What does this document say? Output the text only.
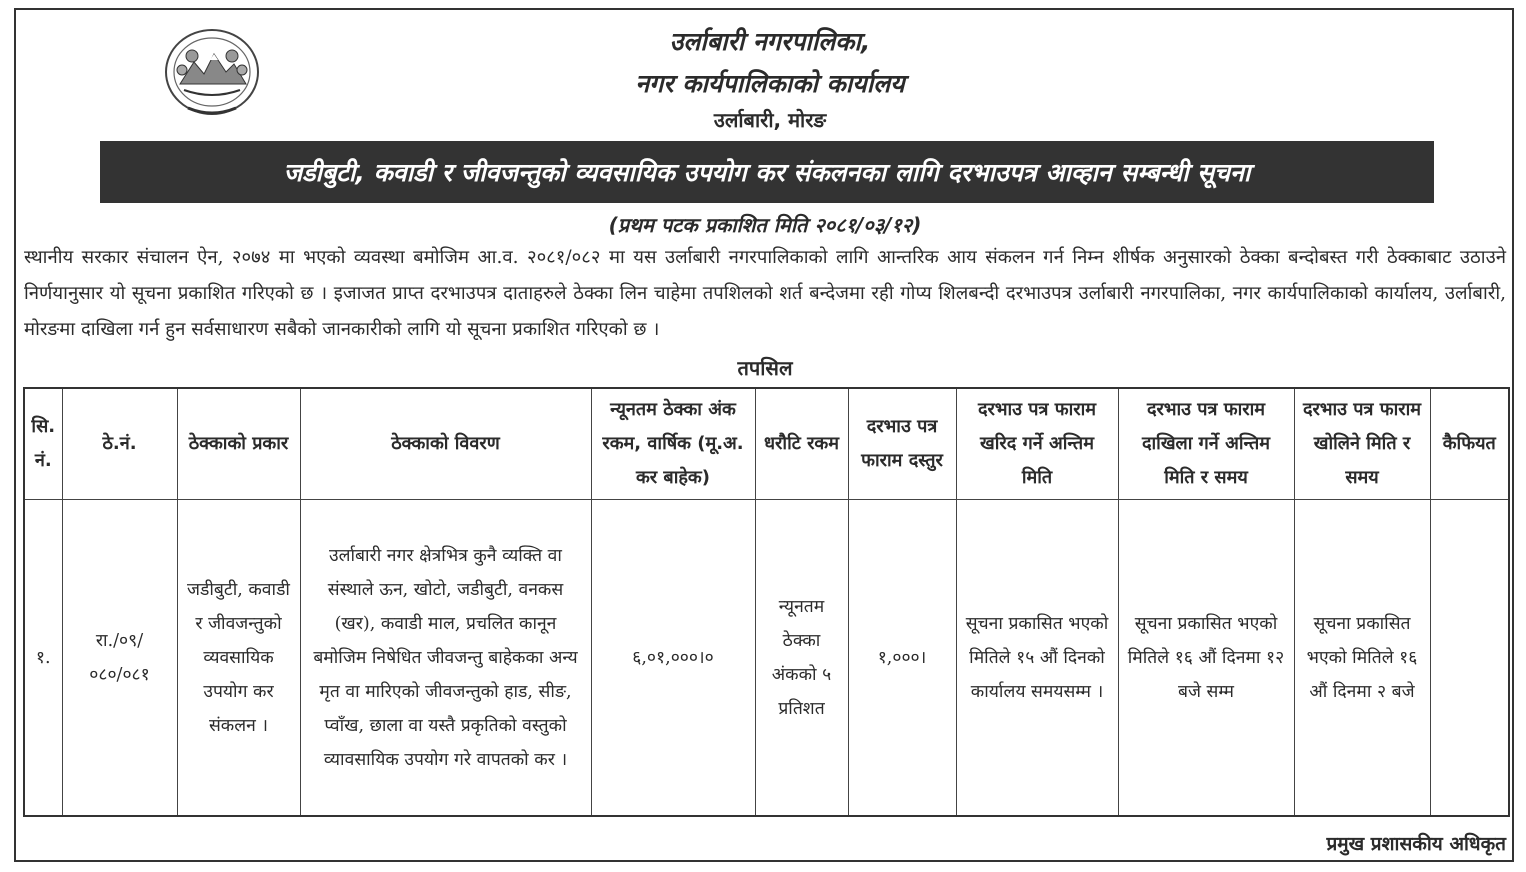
उर्लाबारी नगरपालिका,
नगर कार्यपालिकाको कार्यालय
उर्लाबारी, मोरङ
जडीबुटी, कवाडी र जीवजन्तुको व्यवसायिक उपयोग कर संकलनका लागि दरभाउपत्र आव्हान सम्बन्धी सूचना
(प्रथम पटक प्रकाशित मिति २०८१/०३/१२)
स्थानीय सरकार संचालन ऐन, २०७४ मा भएको व्यवस्था बमोजिम आ.व. २०८१/०८२ मा यस उर्लाबारी नगरपालिकाको लागि आन्तरिक आय संकलन गर्न निम्न शीर्षक अनुसारको ठेक्का बन्दोबस्त गरी ठेक्काबाट उठाउने निर्णयानुसार यो सूचना प्रकाशित गरिएको छ । इजाजत प्राप्त दरभाउपत्र दाताहरुले ठेक्का लिन चाहेमा तपशिलको शर्त बन्देजमा रही गोप्य शिलबन्दी दरभाउपत्र उर्लाबारी नगरपालिका, नगर कार्यपालिकाको कार्यालय, उर्लाबारी, मोरङमा दाखिला गर्न हुन सर्वसाधारण सबैको जानकारीको लागि यो सूचना प्रकाशित गरिएको छ ।
तपसिल
सि. नं.	ठे.नं.	ठेक्काको प्रकार	ठेक्काको विवरण	न्यूनतम ठेक्का अंक रकम, वार्षिक (मू.अ. कर बाहेक)	धरौटि रकम	दरभाउ पत्र फाराम दस्तुर	दरभाउ पत्र फाराम खरिद गर्ने अन्तिम मिति	दरभाउ पत्र फाराम दाखिला गर्ने अन्तिम मिति र समय	दरभाउ पत्र फाराम खोलिने मिति र समय	कैफियत
१.	रा./०९/ ०८०/०८१	जडीबुटी, कवाडी र जीवजन्तुको व्यवसायिक उपयोग कर संकलन ।	उर्लाबारी नगर क्षेत्रभित्र कुनै व्यक्ति वा संस्थाले ऊन, खोटो, जडीबुटी, वनकस (खर), कवाडी माल, प्रचलित कानून बमोजिम निषेधित जीवजन्तु बाहेकका अन्य मृत वा मारिएको जीवजन्तुको हाड, सीङ, प्वाँख, छाला वा यस्तै प्रकृतिको वस्तुको व्यावसायिक उपयोग गरे वापतको कर ।	६,०१,०००।०	न्यूनतम ठेक्का अंकको ५ प्रतिशत	१,०००।	सूचना प्रकासित भएको मितिले १५ औं दिनको कार्यालय समयसम्म ।	सूचना प्रकासित भएको मितिले १६ औं दिनमा १२ बजे सम्म	सूचना प्रकासित भएको मितिले १६ औं दिनमा २ बजे	
प्रमुख प्रशासकीय अधिकृत
